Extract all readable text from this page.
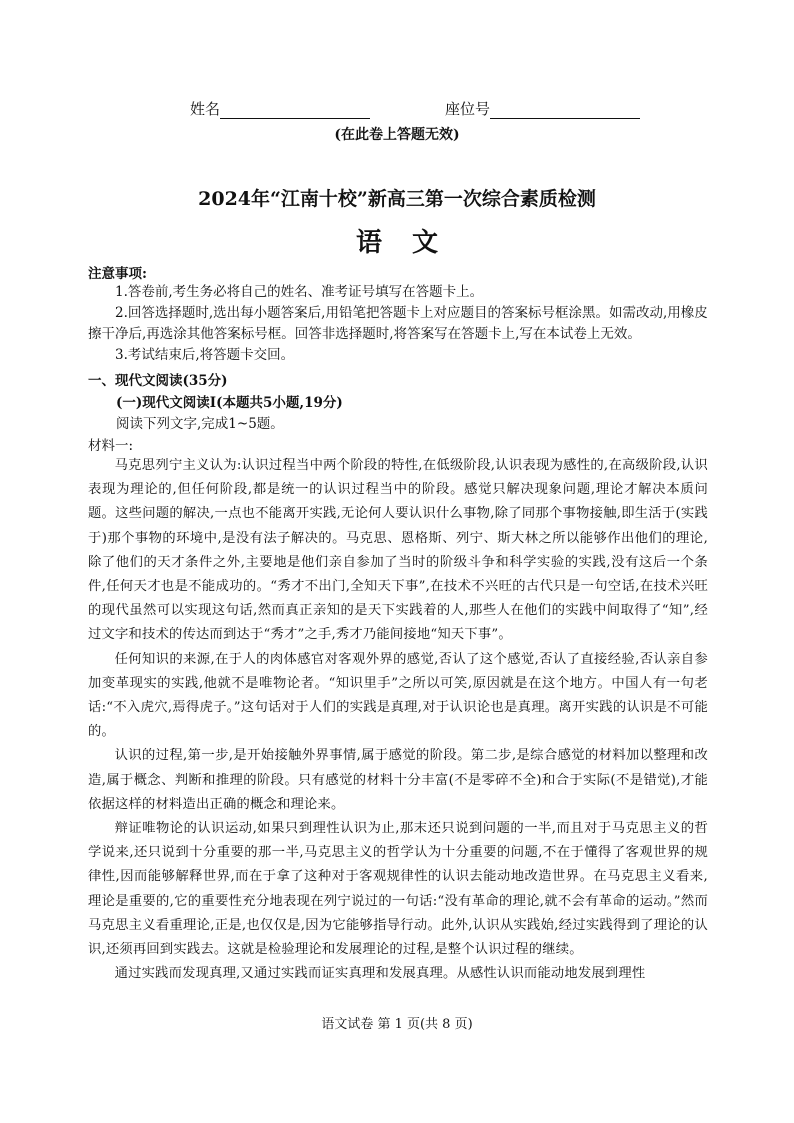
姓名	座位号
(在此卷上答题无效)
2024年“江南十校”新高三第一次综合素质检测
语文
注意事项:

1.答卷前,考生务必将自己的姓名、准考证号填写在答题卡上。

2.回答选择题时,选出每小题答案后,用铅笔把答题卡上对应题目的答案标号框涂黑。如需改动,用橡皮擦干净后,再选涂其他答案标号框。回答非选择题时,将答案写在答题卡上,写在本试卷上无效。

3.考试结束后,将答题卡交回。

一、现代文阅读(35分)
(一)现代文阅读I(本题共5小题,19分)
阅读下列文字,完成1~5题。
材料一:

马克思列宁主义认为:认识过程当中两个阶段的特性,在低级阶段,认识表现为感性的,在高级阶段,认识表现为理论的,但任何阶段,都是统一的认识过程当中的阶段。感觉只解决现象问题,理论才解决本质问题。这些问题的解决,一点也不能离开实践,无论何人要认识什么事物,除了同那个事物接触,即生活于(实践于)那个事物的环境中,是没有法子解决的。马克思、恩格斯、列宁、斯大林之所以能够作出他们的理论,除了他们的天才条件之外,主要地是他们亲自参加了当时的阶级斗争和科学实验的实践,没有这后一个条件,任何天才也是不能成功的。“秀才不出门,全知天下事”,在技术不兴旺的古代只是一句空话,在技术兴旺的现代虽然可以实现这句话,然而真正亲知的是天下实践着的人,那些人在他们的实践中间取得了“知”,经过文字和技术的传达而到达于“秀才”之手,秀才乃能间接地“知天下事”。

任何知识的来源,在于人的肉体感官对客观外界的感觉,否认了这个感觉,否认了直接经验,否认亲自参加变革现实的实践,他就不是唯物论者。“知识里手”之所以可笑,原因就是在这个地方。中国人有一句老话:“不入虎穴,焉得虎子。”这句话对于人们的实践是真理,对于认识论也是真理。离开实践的认识是不可能的。

认识的过程,第一步,是开始接触外界事情,属于感觉的阶段。第二步,是综合感觉的材料加以整理和改造,属于概念、判断和推理的阶段。只有感觉的材料十分丰富(不是零碎不全)和合于实际(不是错觉),才能依据这样的材料造出正确的概念和理论来。

辩证唯物论的认识运动,如果只到理性认识为止,那末还只说到问题的一半,而且对于马克思主义的哲学说来,还只说到十分重要的那一半,马克思主义的哲学认为十分重要的问题,不在于懂得了客观世界的规律性,因而能够解释世界,而在于拿了这种对于客观规律性的认识去能动地改造世界。在马克思主义看来,理论是重要的,它的重要性充分地表现在列宁说过的一句话:“没有革命的理论,就不会有革命的运动。”然而马克思主义看重理论,正是,也仅仅是,因为它能够指导行动。此外,认识从实践始,经过实践得到了理论的认识,还须再回到实践去。这就是检验理论和发展理论的过程,是整个认识过程的继续。

通过实践而发现真理,又通过实践而证实真理和发展真理。从感性认识而能动地发展到理性

语文试卷 第 1 页(共 8 页)
